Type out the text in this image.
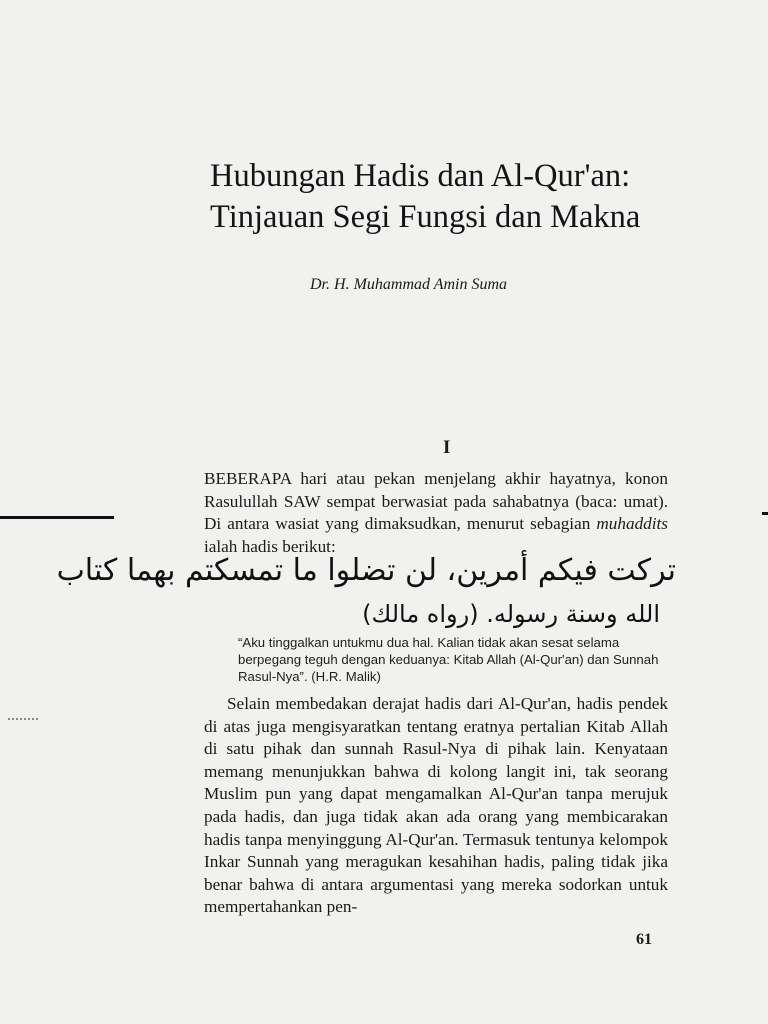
Hubungan Hadis dan Al-Qur'an:
Tinjauan Segi Fungsi dan Makna
Dr. H. Muhammad Amin Suma
I
BEBERAPA hari atau pekan menjelang akhir hayatnya, konon Rasulullah SAW sempat berwasiat pada sahabatnya (baca: umat). Di antara wasiat yang dimaksudkan, menurut sebagian muhaddits ialah hadis berikut:
تركت فيكم أمرين، لن تضلوا ما تمسكتم بهما كتاب
الله وسنة رسوله. (رواه مالك)
“Aku tinggalkan untukmu dua hal. Kalian tidak akan sesat selama berpegang teguh dengan keduanya: Kitab Allah (Al-Qur'an) dan Sunnah Rasul-Nya”. (H.R. Malik)
Selain membedakan derajat hadis dari Al-Qur'an, hadis pendek di atas juga mengisyaratkan tentang eratnya pertalian Kitab Allah di satu pihak dan sunnah Rasul-Nya di pihak lain. Kenyataan memang menunjukkan bahwa di kolong langit ini, tak seorang Muslim pun yang dapat mengamalkan Al-Qur'an tanpa merujuk pada hadis, dan juga tidak akan ada orang yang membicarakan hadis tanpa menyinggung Al-Qur'an. Termasuk tentunya kelompok Inkar Sunnah yang meragukan kesahihan hadis, paling tidak jika benar bahwa di antara argumentasi yang mereka sodorkan untuk mempertahankan pen-
61
